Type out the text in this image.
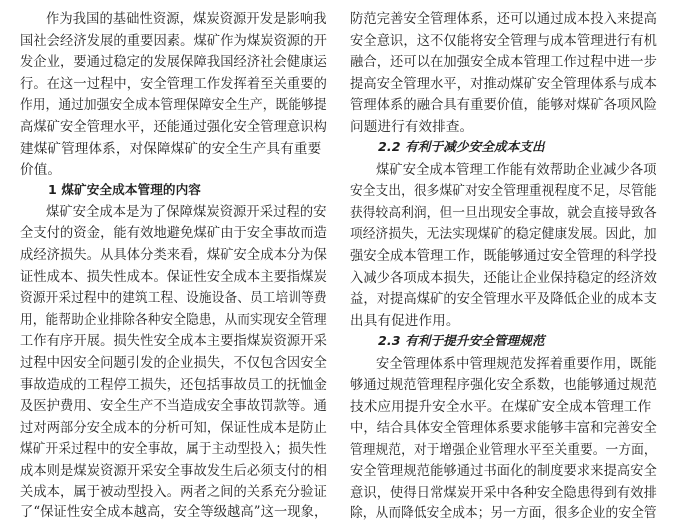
作为我国的基础性资源，煤炭资源开发是影响我
国社会经济发展的重要因素。煤矿作为煤炭资源的开
发企业，要通过稳定的发展保障我国经济社会健康运
行。在这一过程中，安全管理工作发挥着至关重要的
作用，通过加强安全成本管理保障安全生产，既能够提
高煤矿安全管理水平，还能通过强化安全管理意识构
建煤矿管理体系，对保障煤矿的安全生产具有重要
价值。
1 煤矿安全成本管理的内容
煤矿安全成本是为了保障煤炭资源开采过程的安
全支付的资金，能有效地避免煤矿由于安全事故而造
成经济损失。从具体分类来看，煤矿安全成本分为保
证性成本、损失性成本。保证性安全成本主要指煤炭
资源开采过程中的建筑工程、设施设备、员工培训等费
用，能帮助企业排除各种安全隐患，从而实现安全管理
工作有序开展。损失性安全成本主要指煤炭资源开采
过程中因安全问题引发的企业损失，不仅包含因安全
事故造成的工程停工损失，还包括事故员工的抚恤金
及医护费用、安全生产不当造成安全事故罚款等。通
过对两部分安全成本的分析可知，保证性成本是防止
煤矿开采过程中的安全事故，属于主动型投入；损失性
成本则是煤炭资源开采安全事故发生后必须支付的相
关成本，属于被动型投入。两者之间的关系充分验证
了“保证性安全成本越高，安全等级越高”这一现象，
防范完善安全管理体系，还可以通过成本投入来提高
安全意识，这不仅能将安全管理与成本管理进行有机
融合，还可以在加强安全成本管理工作过程中进一步
提高安全管理水平，对推动煤矿安全管理体系与成本
管理体系的融合具有重要价值，能够对煤矿各项风险
问题进行有效排查。
2.2 有利于减少安全成本支出
煤矿安全成本管理工作能有效帮助企业减少各项
安全支出，很多煤矿对安全管理重视程度不足，尽管能
获得较高利润，但一旦出现安全事故，就会直接导致各
项经济损失，无法实现煤矿的稳定健康发展。因此，加
强安全成本管理工作，既能够通过安全管理的科学投
入减少各项成本损失，还能让企业保持稳定的经济效
益，对提高煤矿的安全管理水平及降低企业的成本支
出具有促进作用。
2.3 有利于提升安全管理规范
安全管理体系中管理规范发挥着重要作用，既能
够通过规范管理程序强化安全系数，也能够通过规范
技术应用提升安全水平。在煤矿安全成本管理工作
中，结合具体安全管理体系要求能够丰富和完善安全
管理规范，对于增强企业管理水平至关重要。一方面，
安全管理规范能够通过书面化的制度要求来提高安全
意识，使得日常煤炭开采中各种安全隐患得到有效排
除，从而降低安全成本；另一方面，很多企业的安全管
